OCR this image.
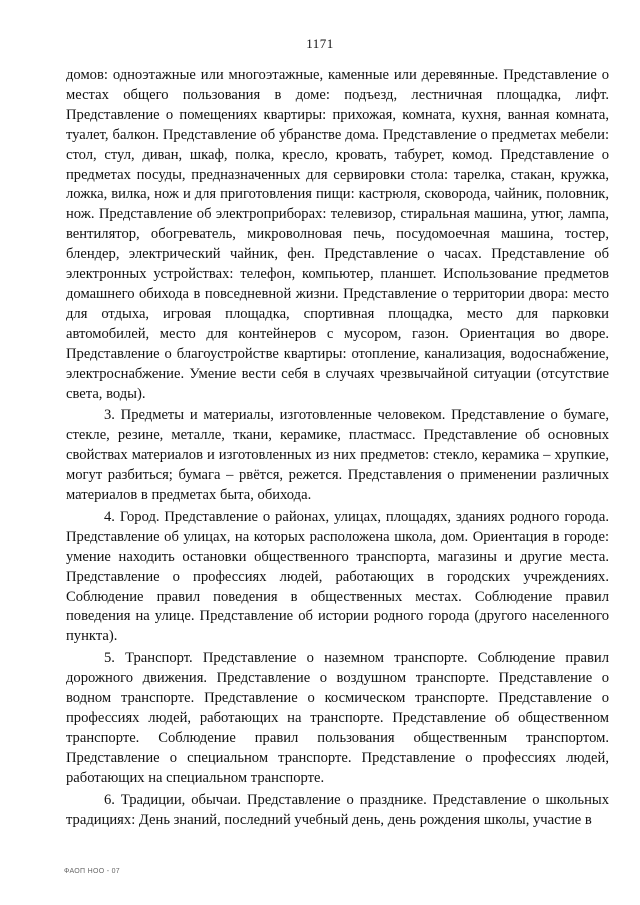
1171

домов: одноэтажные или многоэтажные, каменные или деревянные. Представление о местах общего пользования в доме: подъезд, лестничная площадка, лифт. Представление о помещениях квартиры: прихожая, комната, кухня, ванная комната, туалет, балкон. Представление об убранстве дома. Представление о предметах мебели: стол, стул, диван, шкаф, полка, кресло, кровать, табурет, комод. Представление о предметах посуды, предназначенных для сервировки стола: тарелка, стакан, кружка, ложка, вилка, нож и для приготовления пищи: кастрюля, сковорода, чайник, половник, нож. Представление об электроприборах: телевизор, стиральная машина, утюг, лампа, вентилятор, обогреватель, микроволновая печь, посудомоечная машина, тостер, блендер, электрический чайник, фен. Представление о часах. Представление об электронных устройствах: телефон, компьютер, планшет. Использование предметов домашнего обихода в повседневной жизни. Представление о территории двора: место для отдыха, игровая площадка, спортивная площадка, место для парковки автомобилей, место для контейнеров с мусором, газон. Ориентация во дворе. Представление о благоустройстве квартиры: отопление, канализация, водоснабжение, электроснабжение. Умение вести себя в случаях чрезвычайной ситуации (отсутствие света, воды).

3. Предметы и материалы, изготовленные человеком. Представление о бумаге, стекле, резине, металле, ткани, керамике, пластмасс. Представление об основных свойствах материалов и изготовленных из них предметов: стекло, керамика – хрупкие, могут разбиться; бумага – рвётся, режется. Представления о применении различных материалов в предметах быта, обихода.

4. Город. Представление о районах, улицах, площадях, зданиях родного города. Представление об улицах, на которых расположена школа, дом. Ориентация в городе: умение находить остановки общественного транспорта, магазины и другие места. Представление о профессиях людей, работающих в городских учреждениях. Соблюдение правил поведения в общественных местах. Соблюдение правил поведения на улице. Представление об истории родного города (другого населенного пункта).

5. Транспорт. Представление о наземном транспорте. Соблюдение правил дорожного движения. Представление о воздушном транспорте. Представление о водном транспорте. Представление о космическом транспорте. Представление о профессиях людей, работающих на транспорте. Представление об общественном транспорте. Соблюдение правил пользования общественным транспортом. Представление о специальном транспорте. Представление о профессиях людей, работающих на специальном транспорте.

6. Традиции, обычаи. Представление о празднике. Представление о школьных традициях: День знаний, последний учебный день, день рождения школы, участие в

ФАОП НОО - 07
